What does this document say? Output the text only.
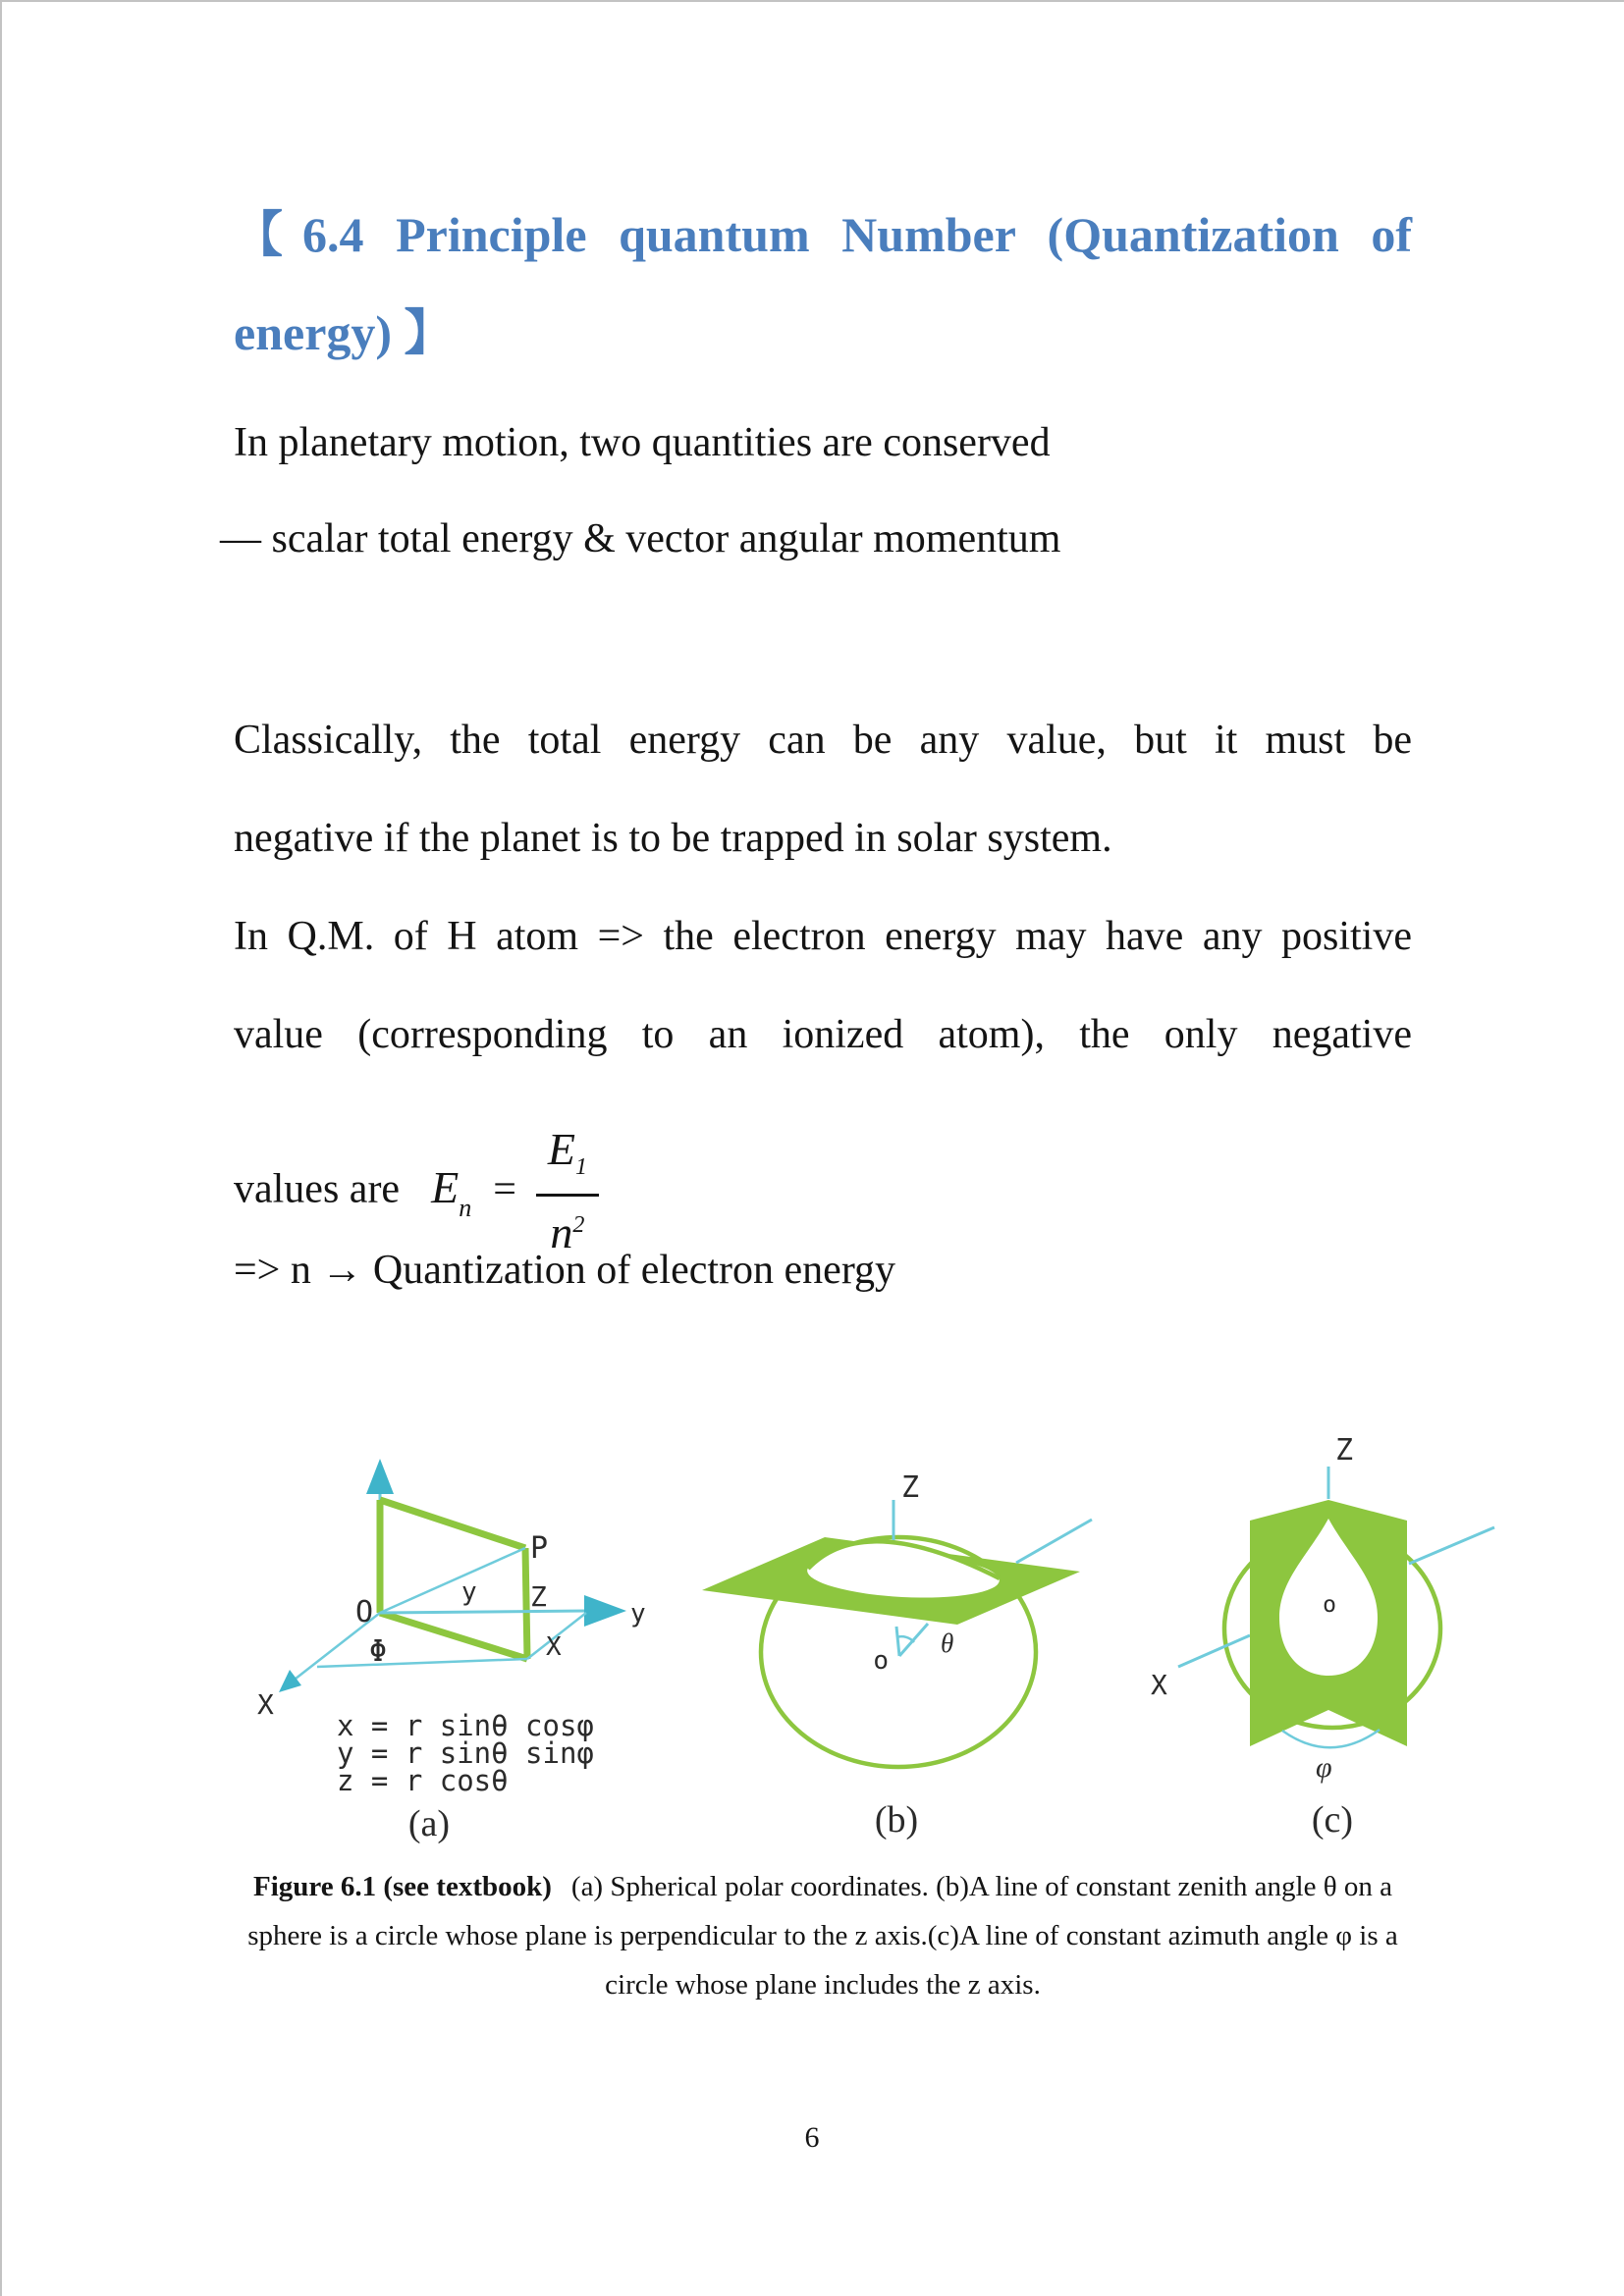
【6.4 Principle quantum Number (Quantization of
energy) 】
In planetary motion, two quantities are conserved
— scalar total energy & vector angular momentum
Classically, the total energy can be any value, but it must be
negative if the planet is to be trapped in solar system.
In Q.M. of H atom => the electron energy may have any positive
value (corresponding to an ionized atom), the only negative
values are $E_n = \frac{E_1}{n^2}$
=> n → Quantization of electron energy
Figure 6.1 (see textbook) (a) Spherical polar coordinates. (b)A line of constant zenith angle θ on a
sphere is a circle whose plane is perpendicular to the z axis.(c)A line of constant azimuth angle φ is a
circle whose plane includes the z axis.
O
P
y Z
X
Φ
X
y
x = r sinθ cosφ
y = r sinθ sinφ
z = r cosθ
(a)
Z
o
θ
(b)
Z
o
φ
X
(c)
6
